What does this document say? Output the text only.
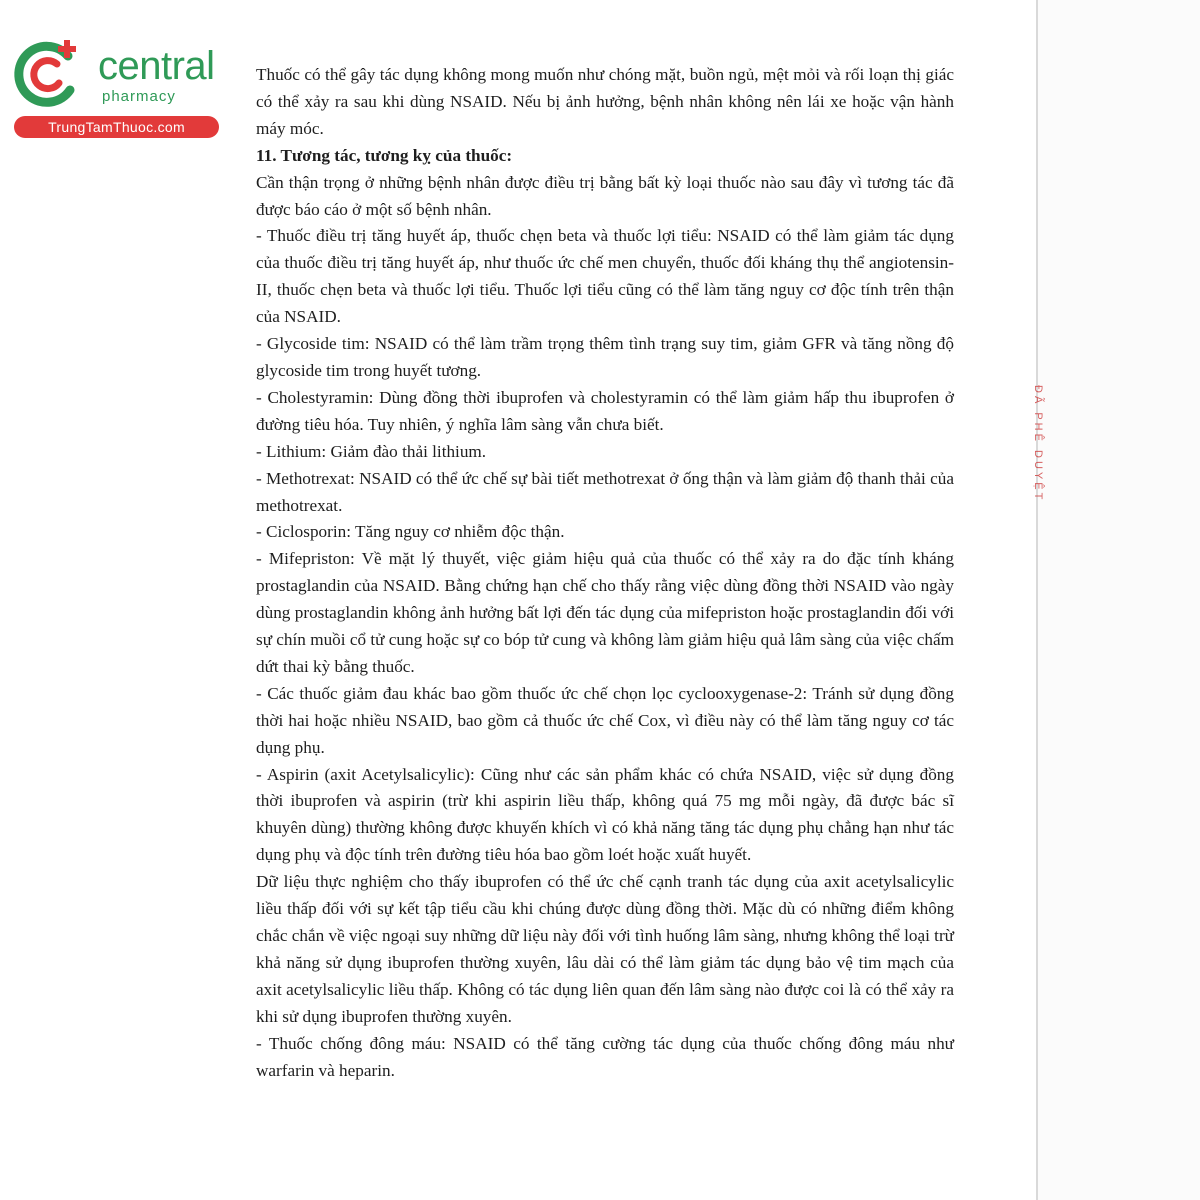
ĐÃ PHÊ DUYỆT
central
pharmacy
TrungTamThuoc.com

Thuốc có thể gây tác dụng không mong muốn như chóng mặt, buồn ngủ, mệt mỏi và rối loạn thị giác có thể xảy ra sau khi dùng NSAID. Nếu bị ảnh hưởng, bệnh nhân không nên lái xe hoặc vận hành máy móc.

11. Tương tác, tương kỵ của thuốc:

Cần thận trọng ở những bệnh nhân được điều trị bằng bất kỳ loại thuốc nào sau đây vì tương tác đã được báo cáo ở một số bệnh nhân.

- Thuốc điều trị tăng huyết áp, thuốc chẹn beta và thuốc lợi tiểu: NSAID có thể làm giảm tác dụng của thuốc điều trị tăng huyết áp, như thuốc ức chế men chuyển, thuốc đối kháng thụ thể angiotensin-II, thuốc chẹn beta và thuốc lợi tiểu. Thuốc lợi tiểu cũng có thể làm tăng nguy cơ độc tính trên thận của NSAID.

- Glycoside tim: NSAID có thể làm trầm trọng thêm tình trạng suy tim, giảm GFR và tăng nồng độ glycoside tim trong huyết tương.

- Cholestyramin: Dùng đồng thời ibuprofen và cholestyramin có thể làm giảm hấp thu ibuprofen ở đường tiêu hóa. Tuy nhiên, ý nghĩa lâm sàng vẫn chưa biết.

- Lithium: Giảm đào thải lithium.

- Methotrexat: NSAID có thể ức chế sự bài tiết methotrexat ở ống thận và làm giảm độ thanh thải của methotrexat.

- Ciclosporin: Tăng nguy cơ nhiễm độc thận.

- Mifepriston: Về mặt lý thuyết, việc giảm hiệu quả của thuốc có thể xảy ra do đặc tính kháng prostaglandin của NSAID. Bằng chứng hạn chế cho thấy rằng việc dùng đồng thời NSAID vào ngày dùng prostaglandin không ảnh hưởng bất lợi đến tác dụng của mifepriston hoặc prostaglandin đối với sự chín muồi cổ tử cung hoặc sự co bóp tử cung và không làm giảm hiệu quả lâm sàng của việc chấm dứt thai kỳ bằng thuốc.

- Các thuốc giảm đau khác bao gồm thuốc ức chế chọn lọc cyclooxygenase-2: Tránh sử dụng đồng thời hai hoặc nhiều NSAID, bao gồm cả thuốc ức chế Cox, vì điều này có thể làm tăng nguy cơ tác dụng phụ.

- Aspirin (axit Acetylsalicylic): Cũng như các sản phẩm khác có chứa NSAID, việc sử dụng đồng thời ibuprofen và aspirin (trừ khi aspirin liều thấp, không quá 75 mg mỗi ngày, đã được bác sĩ khuyên dùng) thường không được khuyến khích vì có khả năng tăng tác dụng phụ chẳng hạn như tác dụng phụ và độc tính trên đường tiêu hóa bao gồm loét hoặc xuất huyết.

Dữ liệu thực nghiệm cho thấy ibuprofen có thể ức chế cạnh tranh tác dụng của axit acetylsalicylic liều thấp đối với sự kết tập tiểu cầu khi chúng được dùng đồng thời. Mặc dù có những điểm không chắc chắn về việc ngoại suy những dữ liệu này đối với tình huống lâm sàng, nhưng không thể loại trừ khả năng sử dụng ibuprofen thường xuyên, lâu dài có thể làm giảm tác dụng bảo vệ tim mạch của axit acetylsalicylic liều thấp. Không có tác dụng liên quan đến lâm sàng nào được coi là có thể xảy ra khi sử dụng ibuprofen thường xuyên.

- Thuốc chống đông máu: NSAID có thể tăng cường tác dụng của thuốc chống đông máu như warfarin và heparin.
